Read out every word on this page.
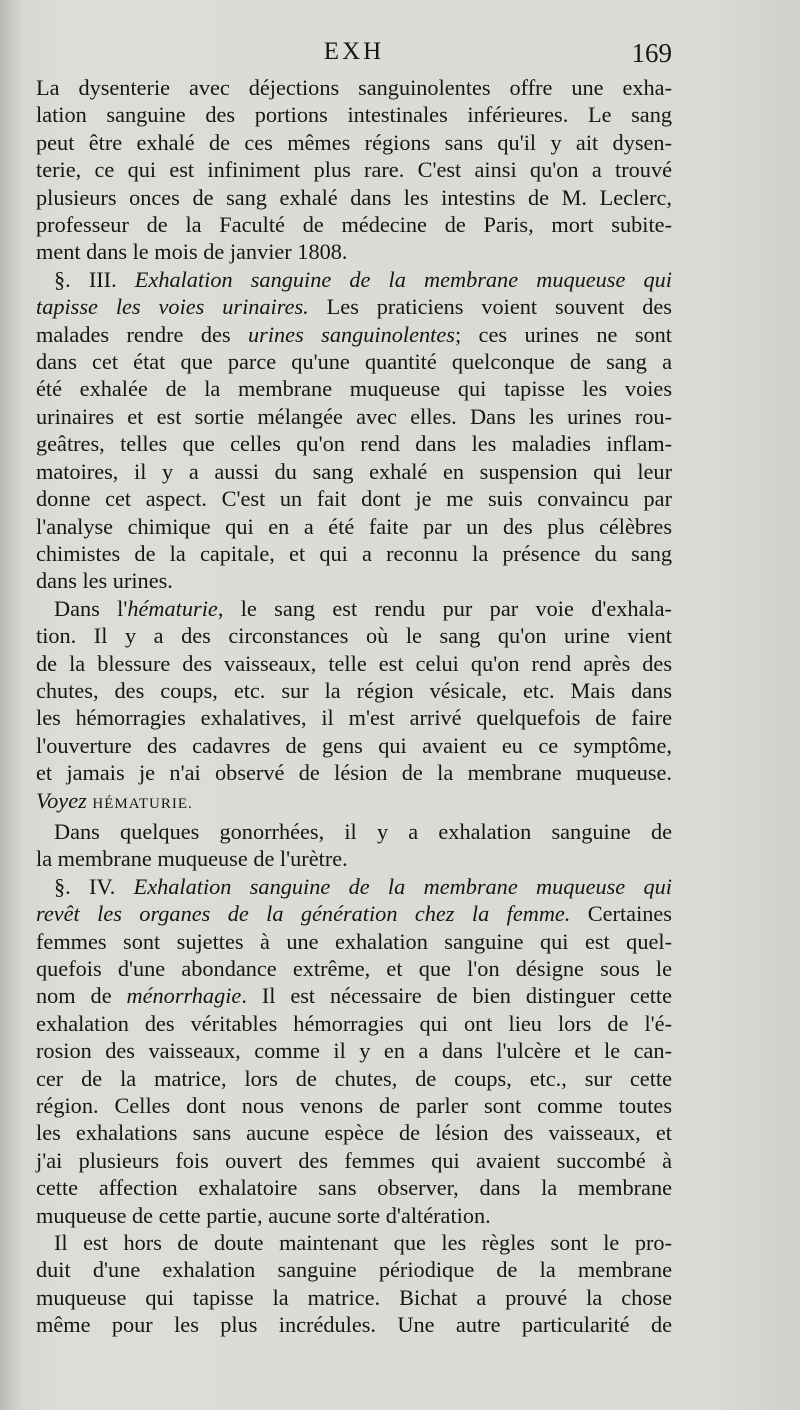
EXH	169
La dysenterie avec déjections sanguinolentes offre une exha-
lation sanguine des portions intestinales inférieures. Le sang
peut être exhalé de ces mêmes régions sans qu'il y ait dysen-
terie, ce qui est infiniment plus rare. C'est ainsi qu'on a trouvé
plusieurs onces de sang exhalé dans les intestins de M. Leclerc,
professeur de la Faculté de médecine de Paris, mort subite-
ment dans le mois de janvier 1808.
§. III. Exhalation sanguine de la membrane muqueuse qui
tapisse les voies urinaires. Les praticiens voient souvent des
malades rendre des urines sanguinolentes; ces urines ne sont
dans cet état que parce qu'une quantité quelconque de sang a
été exhalée de la membrane muqueuse qui tapisse les voies
urinaires et est sortie mélangée avec elles. Dans les urines rou-
geâtres, telles que celles qu'on rend dans les maladies inflam-
matoires, il y a aussi du sang exhalé en suspension qui leur
donne cet aspect. C'est un fait dont je me suis convaincu par
l'analyse chimique qui en a été faite par un des plus célèbres
chimistes de la capitale, et qui a reconnu la présence du sang
dans les urines.
Dans l'hématurie, le sang est rendu pur par voie d'exhala-
tion. Il y a des circonstances où le sang qu'on urine vient
de la blessure des vaisseaux, telle est celui qu'on rend après des
chutes, des coups, etc. sur la région vésicale, etc. Mais dans
les hémorragies exhalatives, il m'est arrivé quelquefois de faire
l'ouverture des cadavres de gens qui avaient eu ce symptôme,
et jamais je n'ai observé de lésion de la membrane muqueuse.
Voyez HÉMATURIE.
Dans quelques gonorrhées, il y a exhalation sanguine de
la membrane muqueuse de l'urètre.
§. IV. Exhalation sanguine de la membrane muqueuse qui
revêt les organes de la génération chez la femme. Certaines
femmes sont sujettes à une exhalation sanguine qui est quel-
quefois d'une abondance extrême, et que l'on désigne sous le
nom de ménorrhagie. Il est nécessaire de bien distinguer cette
exhalation des véritables hémorragies qui ont lieu lors de l'é-
rosion des vaisseaux, comme il y en a dans l'ulcère et le can-
cer de la matrice, lors de chutes, de coups, etc., sur cette
région. Celles dont nous venons de parler sont comme toutes
les exhalations sans aucune espèce de lésion des vaisseaux, et
j'ai plusieurs fois ouvert des femmes qui avaient succombé à
cette affection exhalatoire sans observer, dans la membrane
muqueuse de cette partie, aucune sorte d'altération.
Il est hors de doute maintenant que les règles sont le pro-
duit d'une exhalation sanguine périodique de la membrane
muqueuse qui tapisse la matrice. Bichat a prouvé la chose
même pour les plus incrédules. Une autre particularité de
